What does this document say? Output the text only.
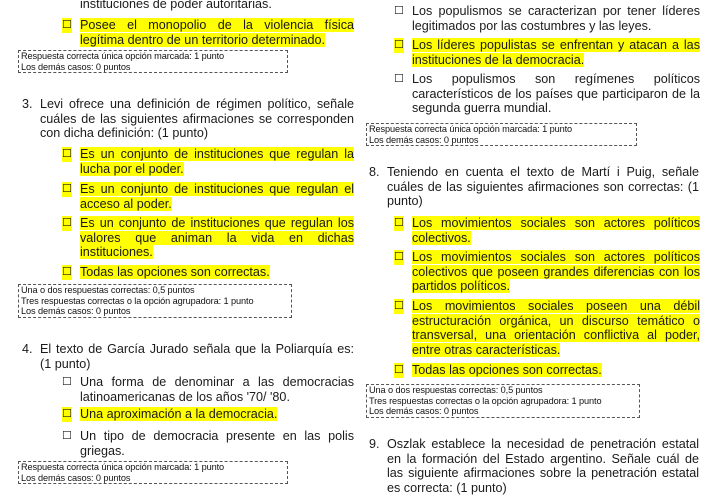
instituciones de poder autoritarias.
☐ Posee el monopolio de la violencia física legítima dentro de un territorio determinado.
Respuesta correcta única opción marcada: 1 punto
Los demás casos: 0 puntos
3. Levi ofrece una definición de régimen político, señale cuáles de las siguientes afirmaciones se corresponden con dicha definición: (1 punto)
☐ Es un conjunto de instituciones que regulan la lucha por el poder.
☐ Es un conjunto de instituciones que regulan el acceso al poder.
☐ Es un conjunto de instituciones que regulan los valores que animan la vida en dichas instituciones.
☐ Todas las opciones son correctas.
Una o dos respuestas correctas: 0,5 puntos
Tres respuestas correctas o la opción agrupadora: 1 punto
Los demás casos: 0 puntos
4. El texto de García Jurado señala que la Poliarquía es: (1 punto)
☐ Una forma de denominar a las democracias latinoamericanas de los años '70/ '80.
☐ Una aproximación a la democracia.
☐ Un tipo de democracia presente en las polis griegas.
Respuesta correcta única opción marcada: 1 punto
Los demás casos: 0 puntos
☐ Los populismos se caracterizan por tener líderes legitimados por las costumbres y las leyes.
☐ Los líderes populistas se enfrentan y atacan a las instituciones de la democracia.
☐ Los populismos son regímenes políticos característicos de los países que participaron de la segunda guerra mundial.
Respuesta correcta única opción marcada: 1 punto
Los demás casos: 0 puntos
8. Teniendo en cuenta el texto de Martí i Puig, señale cuáles de las siguientes afirmaciones son correctas: (1 punto)
☐ Los movimientos sociales son actores políticos colectivos.
☐ Los movimientos sociales son actores políticos colectivos que poseen grandes diferencias con los partidos políticos.
☐ Los movimientos sociales poseen una débil estructuración orgánica, un discurso temático o transversal, una orientación conflictiva al poder, entre otras características.
☐ Todas las opciones son correctas.
Una o dos respuestas correctas: 0,5 puntos
Tres respuestas correctas o la opción agrupadora: 1 punto
Los demás casos: 0 puntos
9. Oszlak establece la necesidad de penetración estatal en la formación del Estado argentino. Señale cuál de las siguiente afirmaciones sobre la penetración estatal es correcta: (1 punto)
